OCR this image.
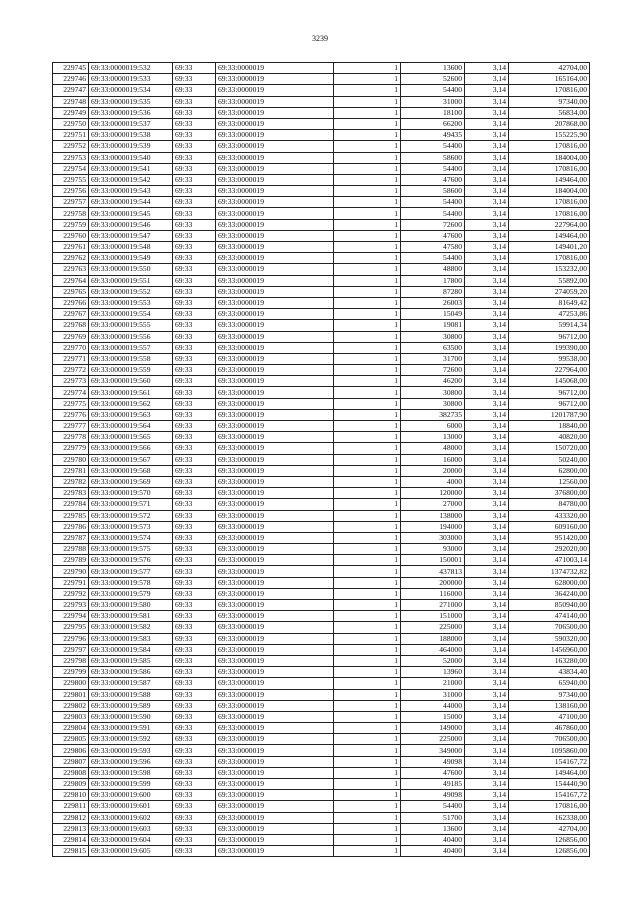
3239
229745	69:33:0000019:532	69:33	69:33:0000019	1	13600	3,14	42704,00
229746	69:33:0000019:533	69:33	69:33:0000019	1	52600	3,14	165164,00
229747	69:33:0000019:534	69:33	69:33:0000019	1	54400	3,14	170816,00
229748	69:33:0000019:535	69:33	69:33:0000019	1	31000	3,14	97340,00
229749	69:33:0000019:536	69:33	69:33:0000019	1	18100	3,14	56834,00
229750	69:33:0000019:537	69:33	69:33:0000019	1	66200	3,14	207868,00
229751	69:33:0000019:538	69:33	69:33:0000019	1	49435	3,14	155225,90
229752	69:33:0000019:539	69:33	69:33:0000019	1	54400	3,14	170816,00
229753	69:33:0000019:540	69:33	69:33:0000019	1	58600	3,14	184004,00
229754	69:33:0000019:541	69:33	69:33:0000019	1	54400	3,14	170816,00
229755	69:33:0000019:542	69:33	69:33:0000019	1	47600	3,14	149464,00
229756	69:33:0000019:543	69:33	69:33:0000019	1	58600	3,14	184004,00
229757	69:33:0000019:544	69:33	69:33:0000019	1	54400	3,14	170816,00
229758	69:33:0000019:545	69:33	69:33:0000019	1	54400	3,14	170816,00
229759	69:33:0000019:546	69:33	69:33:0000019	1	72600	3,14	227964,00
229760	69:33:0000019:547	69:33	69:33:0000019	1	47600	3,14	149464,00
229761	69:33:0000019:548	69:33	69:33:0000019	1	47580	3,14	149401,20
229762	69:33:0000019:549	69:33	69:33:0000019	1	54400	3,14	170816,00
229763	69:33:0000019:550	69:33	69:33:0000019	1	48800	3,14	153232,00
229764	69:33:0000019:551	69:33	69:33:0000019	1	17800	3,14	55892,00
229765	69:33:0000019:552	69:33	69:33:0000019	1	87280	3,14	274059,20
229766	69:33:0000019:553	69:33	69:33:0000019	1	26003	3,14	81649,42
229767	69:33:0000019:554	69:33	69:33:0000019	1	15049	3,14	47253,86
229768	69:33:0000019:555	69:33	69:33:0000019	1	19081	3,14	59914,34
229769	69:33:0000019:556	69:33	69:33:0000019	1	30800	3,14	96712,00
229770	69:33:0000019:557	69:33	69:33:0000019	1	63500	3,14	199390,00
229771	69:33:0000019:558	69:33	69:33:0000019	1	31700	3,14	99538,00
229772	69:33:0000019:559	69:33	69:33:0000019	1	72600	3,14	227964,00
229773	69:33:0000019:560	69:33	69:33:0000019	1	46200	3,14	145068,00
229774	69:33:0000019:561	69:33	69:33:0000019	1	30800	3,14	96712,00
229775	69:33:0000019:562	69:33	69:33:0000019	1	30800	3,14	96712,00
229776	69:33:0000019:563	69:33	69:33:0000019	1	382735	3,14	1201787,90
229777	69:33:0000019:564	69:33	69:33:0000019	1	6000	3,14	18840,00
229778	69:33:0000019:565	69:33	69:33:0000019	1	13000	3,14	40820,00
229779	69:33:0000019:566	69:33	69:33:0000019	1	48000	3,14	150720,00
229780	69:33:0000019:567	69:33	69:33:0000019	1	16000	3,14	50240,00
229781	69:33:0000019:568	69:33	69:33:0000019	1	20000	3,14	62800,00
229782	69:33:0000019:569	69:33	69:33:0000019	1	4000	3,14	12560,00
229783	69:33:0000019:570	69:33	69:33:0000019	1	120000	3,14	376800,00
229784	69:33:0000019:571	69:33	69:33:0000019	1	27000	3,14	84780,00
229785	69:33:0000019:572	69:33	69:33:0000019	1	138000	3,14	433320,00
229786	69:33:0000019:573	69:33	69:33:0000019	1	194000	3,14	609160,00
229787	69:33:0000019:574	69:33	69:33:0000019	1	303000	3,14	951420,00
229788	69:33:0000019:575	69:33	69:33:0000019	1	93000	3,14	292020,00
229789	69:33:0000019:576	69:33	69:33:0000019	1	150001	3,14	471003,14
229790	69:33:0000019:577	69:33	69:33:0000019	1	437813	3,14	1374732,82
229791	69:33:0000019:578	69:33	69:33:0000019	1	200000	3,14	628000,00
229792	69:33:0000019:579	69:33	69:33:0000019	1	116000	3,14	364240,00
229793	69:33:0000019:580	69:33	69:33:0000019	1	271000	3,14	850940,00
229794	69:33:0000019:581	69:33	69:33:0000019	1	151000	3,14	474140,00
229795	69:33:0000019:582	69:33	69:33:0000019	1	225000	3,14	706500,00
229796	69:33:0000019:583	69:33	69:33:0000019	1	188000	3,14	590320,00
229797	69:33:0000019:584	69:33	69:33:0000019	1	464000	3,14	1456960,00
229798	69:33:0000019:585	69:33	69:33:0000019	1	52000	3,14	163280,00
229799	69:33:0000019:586	69:33	69:33:0000019	1	13960	3,14	43834,40
229800	69:33:0000019:587	69:33	69:33:0000019	1	21000	3,14	65940,00
229801	69:33:0000019:588	69:33	69:33:0000019	1	31000	3,14	97340,00
229802	69:33:0000019:589	69:33	69:33:0000019	1	44000	3,14	138160,00
229803	69:33:0000019:590	69:33	69:33:0000019	1	15000	3,14	47100,00
229804	69:33:0000019:591	69:33	69:33:0000019	1	149000	3,14	467860,00
229805	69:33:0000019:592	69:33	69:33:0000019	1	225000	3,14	706500,00
229806	69:33:0000019:593	69:33	69:33:0000019	1	349000	3,14	1095860,00
229807	69:33:0000019:596	69:33	69:33:0000019	1	49098	3,14	154167,72
229808	69:33:0000019:598	69:33	69:33:0000019	1	47600	3,14	149464,00
229809	69:33:0000019:599	69:33	69:33:0000019	1	49185	3,14	154440,90
229810	69:33:0000019:600	69:33	69:33:0000019	1	49098	3,14	154167,72
229811	69:33:0000019:601	69:33	69:33:0000019	1	54400	3,14	170816,00
229812	69:33:0000019:602	69:33	69:33:0000019	1	51700	3,14	162338,00
229813	69:33:0000019:603	69:33	69:33:0000019	1	13600	3,14	42704,00
229814	69:33:0000019:604	69:33	69:33:0000019	1	40400	3,14	126856,00
229815	69:33:0000019:605	69:33	69:33:0000019	1	40400	3,14	126856,00
